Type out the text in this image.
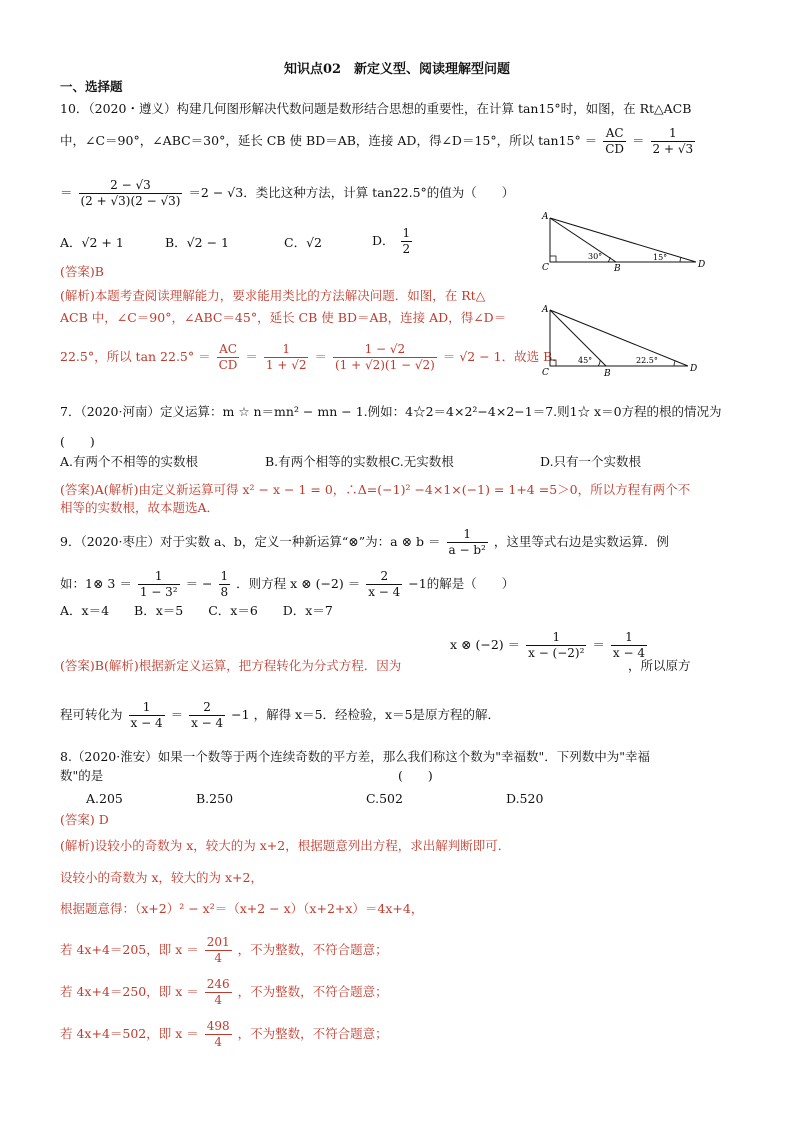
知识点02　新定义型、阅读理解型问题
一、选择题
10．（2020・遵义）构建几何图形解决代数问题是数形结合思想的重要性，在计算 tan15°时，如图，在 Rt△ACB
中，∠C＝90°，∠ABC＝30°，延长 CB 使 BD＝AB，连接 AD，得∠D＝15°，所以 $\tan 15^\circ = \frac{AC}{CD} = \frac{1}{2 + √3}$
＝ $\frac{2 - √3}{(2 + √3)(2 - √3)} =2 - √3$．类比这种方法，计算 tan22.5°的值为（　　）
A．√2 + 1	B．√2 − 1	C．√2	D． $\frac{1}{2}$
(答案)B
(解析)本题考查阅读理解能力，要求能用类比的方法解决问题．如图，在 Rt△
ACB 中，∠C＝90°，∠ABC＝45°，延长 CB 使 BD＝AB，连接 AD，得∠D＝
22.5°，所以 $\tan 22.5^\circ = \frac{AC}{CD} = \frac{1}{1 + √2} = \frac{1 - √2}{(1 + √2)(1 - √2)} = √2 - 1$．故选 B．
A
C	B	D
30°	15°
A
C	B	D
45°	22.5°
7．（2020·河南）定义运算：m ☆ n＝mn² − mn − 1.例如：4☆2＝4×2²−4×2−1＝7.则1☆ x＝0方程的根的情况为
(　　)
A.有两个不相等的实数根	B.有两个相等的实数根C.无实数根	D.只有一个实数根
(答案)A(解析)由定义新运算可得 x² − x − 1 = 0，∴Δ=(−1)² −4×1×(−1) = 1+4 =5＞0，所以方程有两个不
相等的实数根，故本题选A．
9．（2020·枣庄）对于实数 a、b，定义一种新运算“⊗”为：a ⊗ $b = \frac{1}{\text{a − b²}}$ ，这里等式右边是实数运算．例
如：1⊗ $3 = \frac{1}{\text{1 − 3²}}$ ＝ − $\frac{1}{8}$ ．则方程 x ⊗ $(-2) = \frac{2}{x - 4} -1$的解是（　　）
A．x＝4　　B．x＝5　　C．x＝6　　D．x＝7
x ⊗ $(-2) = \frac{1}{\text{x − (−2)²}} = \frac{1}{x - 4}$
(答案)B(解析)根据新定义运算，把方程转化为分式方程．因为	，所以原方
程可转化为 $\frac{1}{x - 4} = \frac{2}{x - 4} -1$ ，解得 x＝5．经检验，x＝5是原方程的解．
8.（2020·淮安）如果一个数等于两个连续奇数的平方差，那么我们称这个数为"幸福数"．下列数中为"幸福
数"的是	(　　)
A.205	B.250	C.502	D.520
(答案) D
(解析)设较小的奇数为 x，较大的为 x+2，根据题意列出方程，求出解判断即可．
设较小的奇数为 x，较大的为 x+2，
根据题意得：（x+2）² − x²＝（x+2 − x）（x+2+x）＝4x+4，
若 4x+4＝205，即 $x = \frac{201}{4}$ ，不为整数，不符合题意；
若 4x+4＝250，即 $x = \frac{246}{4}$ ，不为整数，不符合题意；
若 4x+4＝502，即 $x = \frac{498}{4}$ ，不为整数，不符合题意；
